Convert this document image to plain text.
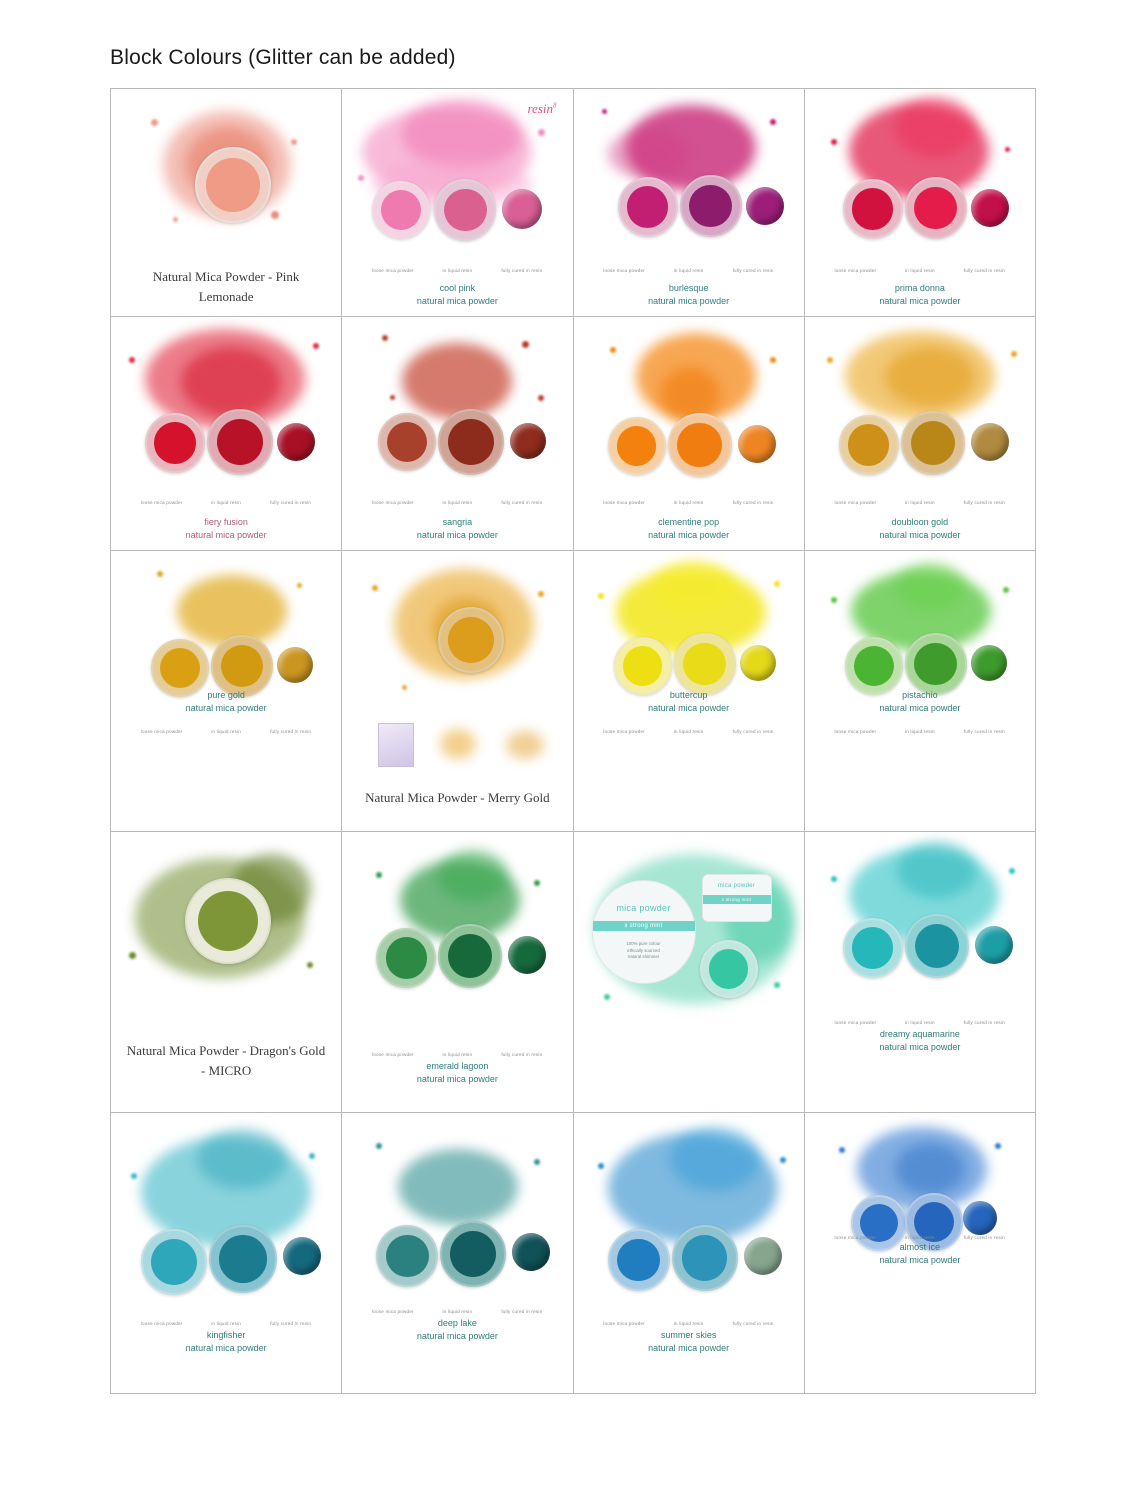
Block Colours (Glitter can be added)
Natural Mica Powder - Pink Lemonade
resin$^8$
loose mica powder	in liquid resin	fully cured in resin
cool pink
natural mica powder
loose mica powder	in liquid resin	fully cured in resin
burlesque
natural mica powder
loose mica powder	in liquid resin	fully cured in resin
prima donna
natural mica powder
loose mica powder	in liquid resin	fully cured in resin
fiery fusion
natural mica powder
loose mica powder	in liquid resin	fully cured in resin
sangria
natural mica powder
loose mica powder	in liquid resin	fully cured in resin
clementine pop
natural mica powder
loose mica powder	in liquid resin	fully cured in resin
doubloon gold
natural mica powder
loose mica powder	in liquid resin	fully cured in resin
pure gold
natural mica powder
Natural Mica Powder - Merry Gold
loose mica powder	in liquid resin	fully cured in resin
buttercup
natural mica powder
loose mica powder	in liquid resin	fully cured in resin
pistachio
natural mica powder
Natural Mica Powder - Dragon's Gold - MICRO
loose mica powder	in liquid resin	fully cured in resin
emerald lagoon
natural mica powder
mica powder
x strong mint
100% pure colour
ethically sourced
natural shimmer
mica powder
x strong mint
loose mica powder	in liquid resin	fully cured in resin
dreamy aquamarine
natural mica powder
loose mica powder	in liquid resin	fully cured in resin
kingfisher
natural mica powder
loose mica powder	in liquid resin	fully cured in resin
deep lake
natural mica powder
loose mica powder	in liquid resin	fully cured in resin
summer skies
natural mica powder
loose mica powder	in liquid resin	fully cured in resin
almost ice
natural mica powder
